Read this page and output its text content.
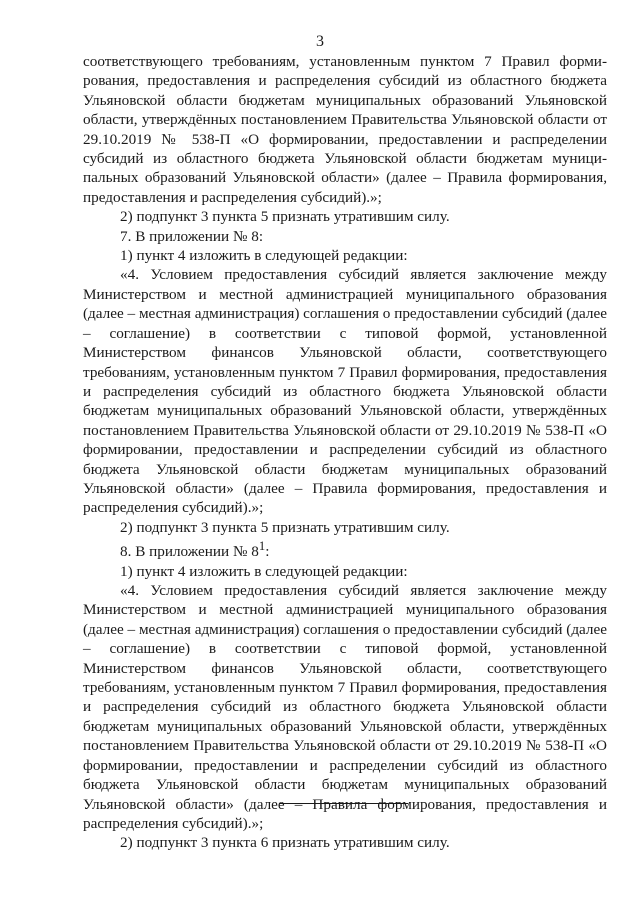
3

соответствующего требованиям, установленным пунктом 7 Правил формирования, предоставления и распределения субсидий из областного бюджета Ульяновской области бюджетам муниципальных образований Ульяновской области, утверждённых постановлением Правительства Ульяновской области от 29.10.2019 № 538-П «О формировании, предоставлении и распределении субсидий из областного бюджета Ульяновской области бюджетам муниципальных образований Ульяновской области» (далее – Правила формирования, предоставления и распределения субсидий).»;

2) подпункт 3 пункта 5 признать утратившим силу.

7. В приложении № 8:

1) пункт 4 изложить в следующей редакции:

«4. Условием предоставления субсидий является заключение между Министерством и местной администрацией муниципального образования (далее – местная администрация) соглашения о предоставлении субсидий (далее – соглашение) в соответствии с типовой формой, установленной Министерством финансов Ульяновской области, соответствующего требованиям, установленным пунктом 7 Правил формирования, предоставления и распределения субсидий из областного бюджета Ульяновской области бюджетам муниципальных образований Ульяновской области, утверждённых постановлением Правительства Ульяновской области от 29.10.2019 № 538-П «О формировании, предоставлении и распределении субсидий из областного бюджета Ульяновской области бюджетам муниципальных образований Ульяновской области» (далее – Правила формирования, предоставления и распределения субсидий).»;

2) подпункт 3 пункта 5 признать утратившим силу.

8. В приложении № $8^1$:

1) пункт 4 изложить в следующей редакции:

«4. Условием предоставления субсидий является заключение между Министерством и местной администрацией муниципального образования (далее – местная администрация) соглашения о предоставлении субсидий (далее – соглашение) в соответствии с типовой формой, установленной Министерством финансов Ульяновской области, соответствующего требованиям, установленным пунктом 7 Правил формирования, предоставления и распределения субсидий из областного бюджета Ульяновской области бюджетам муниципальных образований Ульяновской области, утверждённых постановлением Правительства Ульяновской области от 29.10.2019 № 538-П «О формировании, предоставлении и распределении субсидий из областного бюджета Ульяновской области бюджетам муниципальных образований Ульяновской области» (далее – Правила формирования, предоставления и распределения субсидий).»;

2) подпункт 3 пункта 6 признать утратившим силу.
